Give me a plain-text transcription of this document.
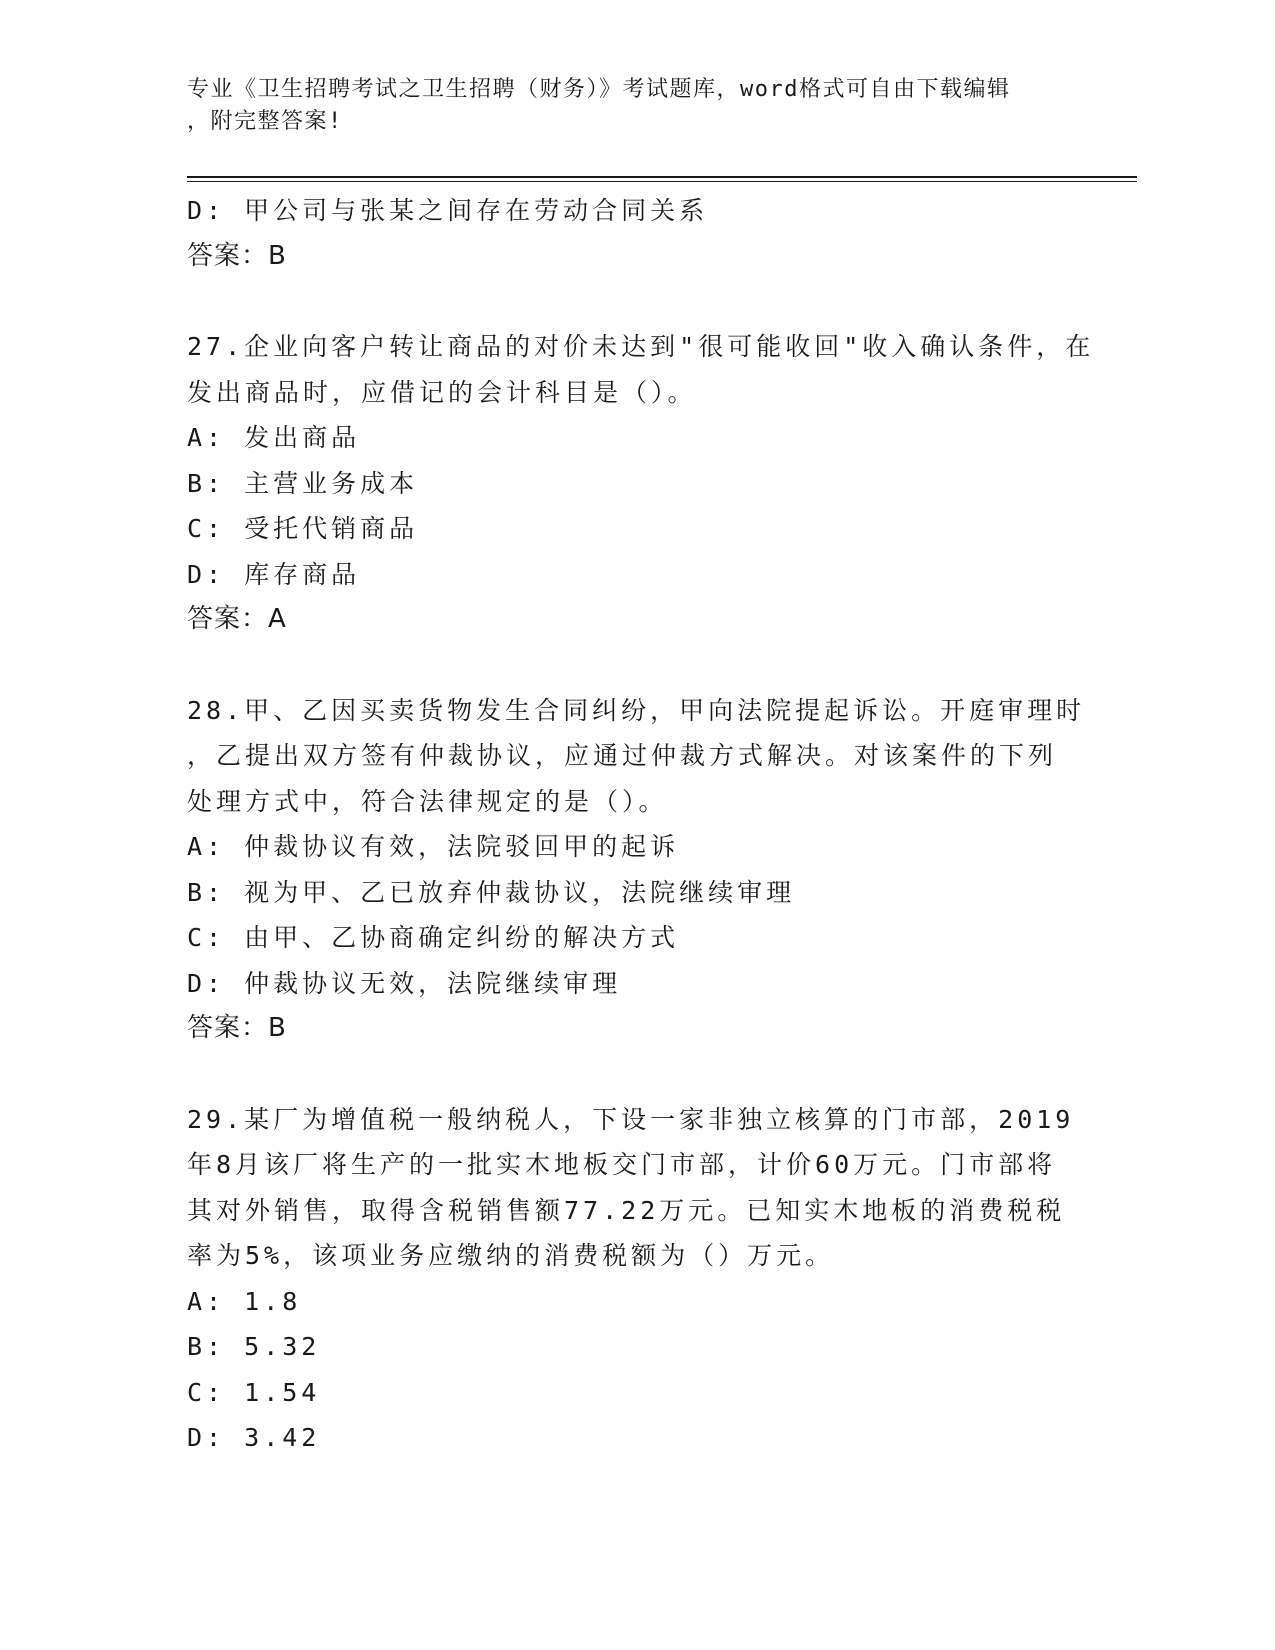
专业《卫生招聘考试之卫生招聘（财务）》考试题库，word格式可自由下载编辑
，附完整答案!
D: 甲公司与张某之间存在劳动合同关系
答案：B
27.企业向客户转让商品的对价未达到"很可能收回"收入确认条件，在
发出商品时，应借记的会计科目是（）。
A: 发出商品
B: 主营业务成本
C: 受托代销商品
D: 库存商品
答案：A
28.甲、乙因买卖货物发生合同纠纷，甲向法院提起诉讼。开庭审理时
，乙提出双方签有仲裁协议，应通过仲裁方式解决。对该案件的下列
处理方式中，符合法律规定的是（）。
A: 仲裁协议有效，法院驳回甲的起诉
B: 视为甲、乙已放弃仲裁协议，法院继续审理
C: 由甲、乙协商确定纠纷的解决方式
D: 仲裁协议无效，法院继续审理
答案：B
29.某厂为增值税一般纳税人，下设一家非独立核算的门市部，2019
年8月该厂将生产的一批实木地板交门市部，计价60万元。门市部将
其对外销售，取得含税销售额77.22万元。已知实木地板的消费税税
率为5%，该项业务应缴纳的消费税额为（）万元。
A: 1.8
B: 5.32
C: 1.54
D: 3.42
